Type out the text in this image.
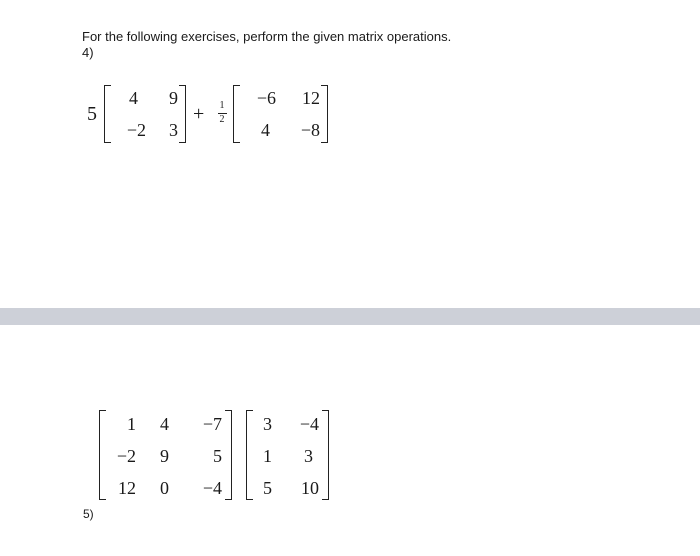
For the following exercises, perform the given matrix operations.
4)
5
4 9
−2 3
+ 1
2
−6 12
4 −8
1 4 −7
−2 9 5
12 0 −4
3 −4
1 3
5 10
5)
